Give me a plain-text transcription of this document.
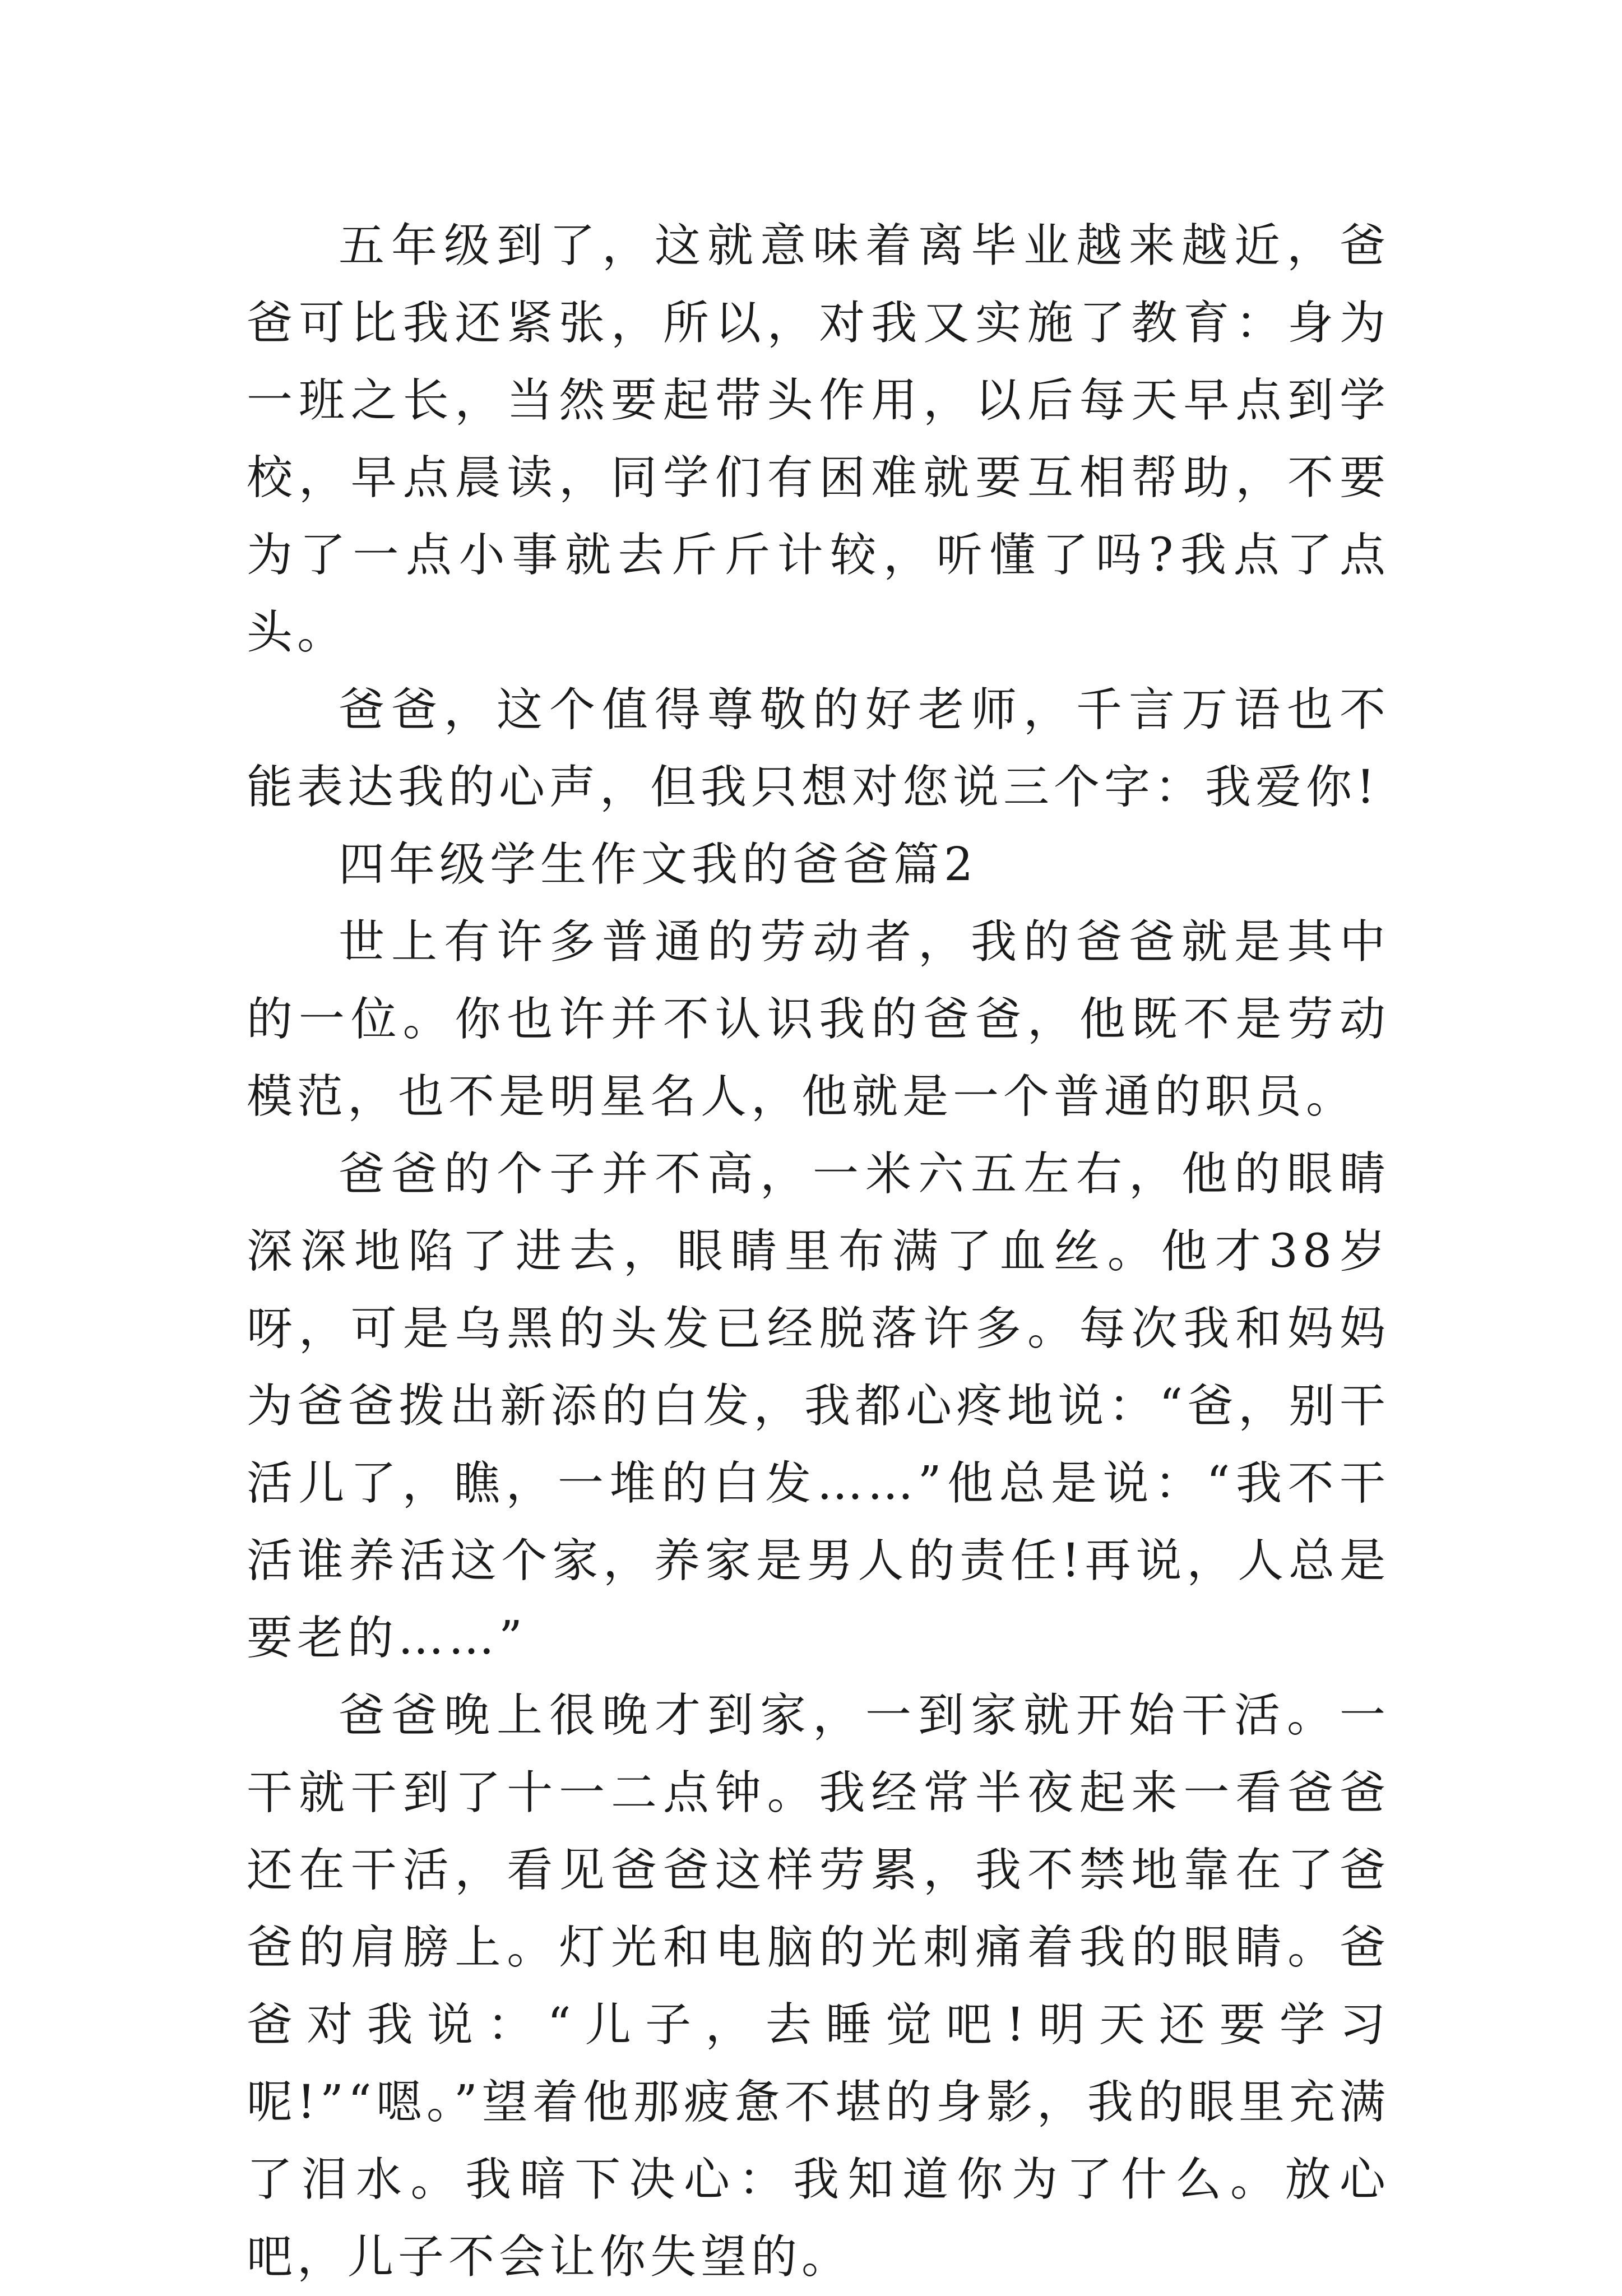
五年级到了，这就意味着离毕业越来越近，爸爸可比我还紧张，所以，对我又实施了教育：身为一班之长，当然要起带头作用，以后每天早点到学校，早点晨读，同学们有困难就要互相帮助，不要为了一点小事就去斤斤计较，听懂了吗?我点了点头。

爸爸，这个值得尊敬的好老师，千言万语也不能表达我的心声，但我只想对您说三个字：我爱你!

四年级学生作文我的爸爸篇2

世上有许多普通的劳动者，我的爸爸就是其中的一位。你也许并不认识我的爸爸，他既不是劳动模范，也不是明星名人，他就是一个普通的职员。

爸爸的个子并不高，一米六五左右，他的眼睛深深地陷了进去，眼睛里布满了血丝。他才38岁呀，可是乌黑的头发已经脱落许多。每次我和妈妈为爸爸拨出新添的白发，我都心疼地说：“爸，别干活儿了，瞧，一堆的白发……”他总是说：“我不干活谁养活这个家，养家是男人的责任!再说，人总是要老的……”

爸爸晚上很晚才到家，一到家就开始干活。一干就干到了十一二点钟。我经常半夜起来一看爸爸还在干活，看见爸爸这样劳累，我不禁地靠在了爸爸的肩膀上。灯光和电脑的光刺痛着我的眼睛。爸爸对我说：“儿子，去睡觉吧!明天还要学习呢!”“嗯。”望着他那疲惫不堪的身影，我的眼里充满了泪水。我暗下决心：我知道你为了什么。放心吧，儿子不会让你失望的。
